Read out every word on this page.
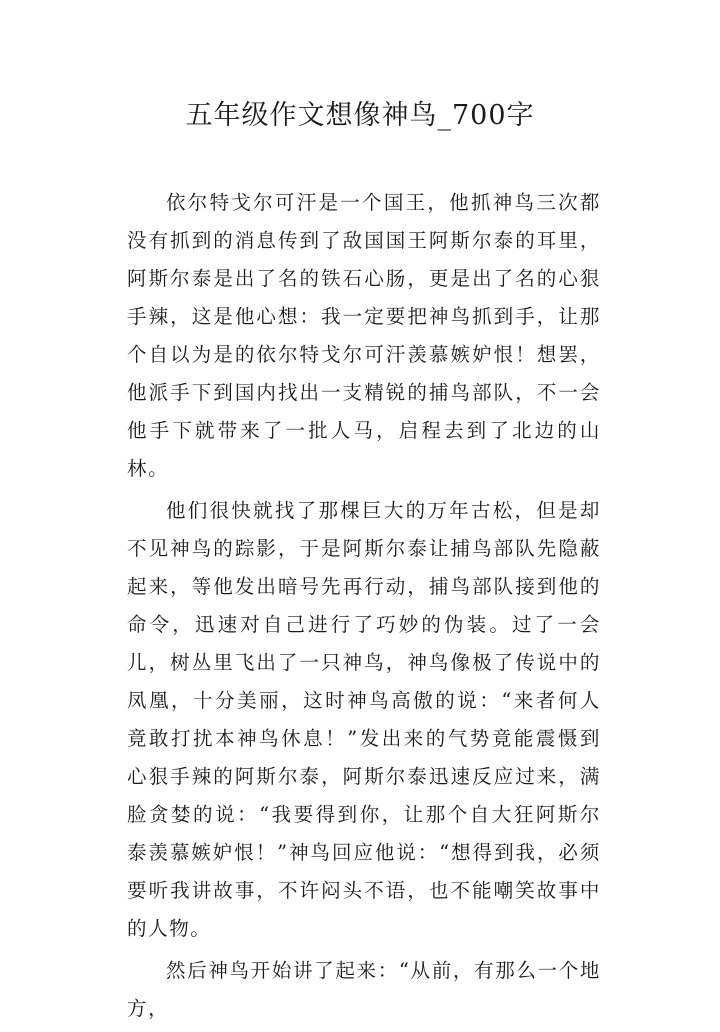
五年级作文想像神鸟_700字

依尔特戈尔可汗是一个国王，他抓神鸟三次都没有抓到的消息传到了敌国国王阿斯尔泰的耳里，阿斯尔泰是出了名的铁石心肠，更是出了名的心狠手辣，这是他心想：我一定要把神鸟抓到手，让那个自以为是的依尔特戈尔可汗羡慕嫉妒恨！想罢，他派手下到国内找出一支精锐的捕鸟部队，不一会他手下就带来了一批人马，启程去到了北边的山林。

他们很快就找了那棵巨大的万年古松，但是却不见神鸟的踪影，于是阿斯尔泰让捕鸟部队先隐蔽起来，等他发出暗号先再行动，捕鸟部队接到他的命令，迅速对自己进行了巧妙的伪装。过了一会儿，树丛里飞出了一只神鸟，神鸟像极了传说中的凤凰，十分美丽，这时神鸟高傲的说：“来者何人竟敢打扰本神鸟休息！”发出来的气势竟能震慑到心狠手辣的阿斯尔泰，阿斯尔泰迅速反应过来，满脸贪婪的说：“我要得到你，让那个自大狂阿斯尔泰羡慕嫉妒恨！”神鸟回应他说：“想得到我，必须要听我讲故事，不许闷头不语，也不能嘲笑故事中的人物。

然后神鸟开始讲了起来：“从前，有那么一个地方，
